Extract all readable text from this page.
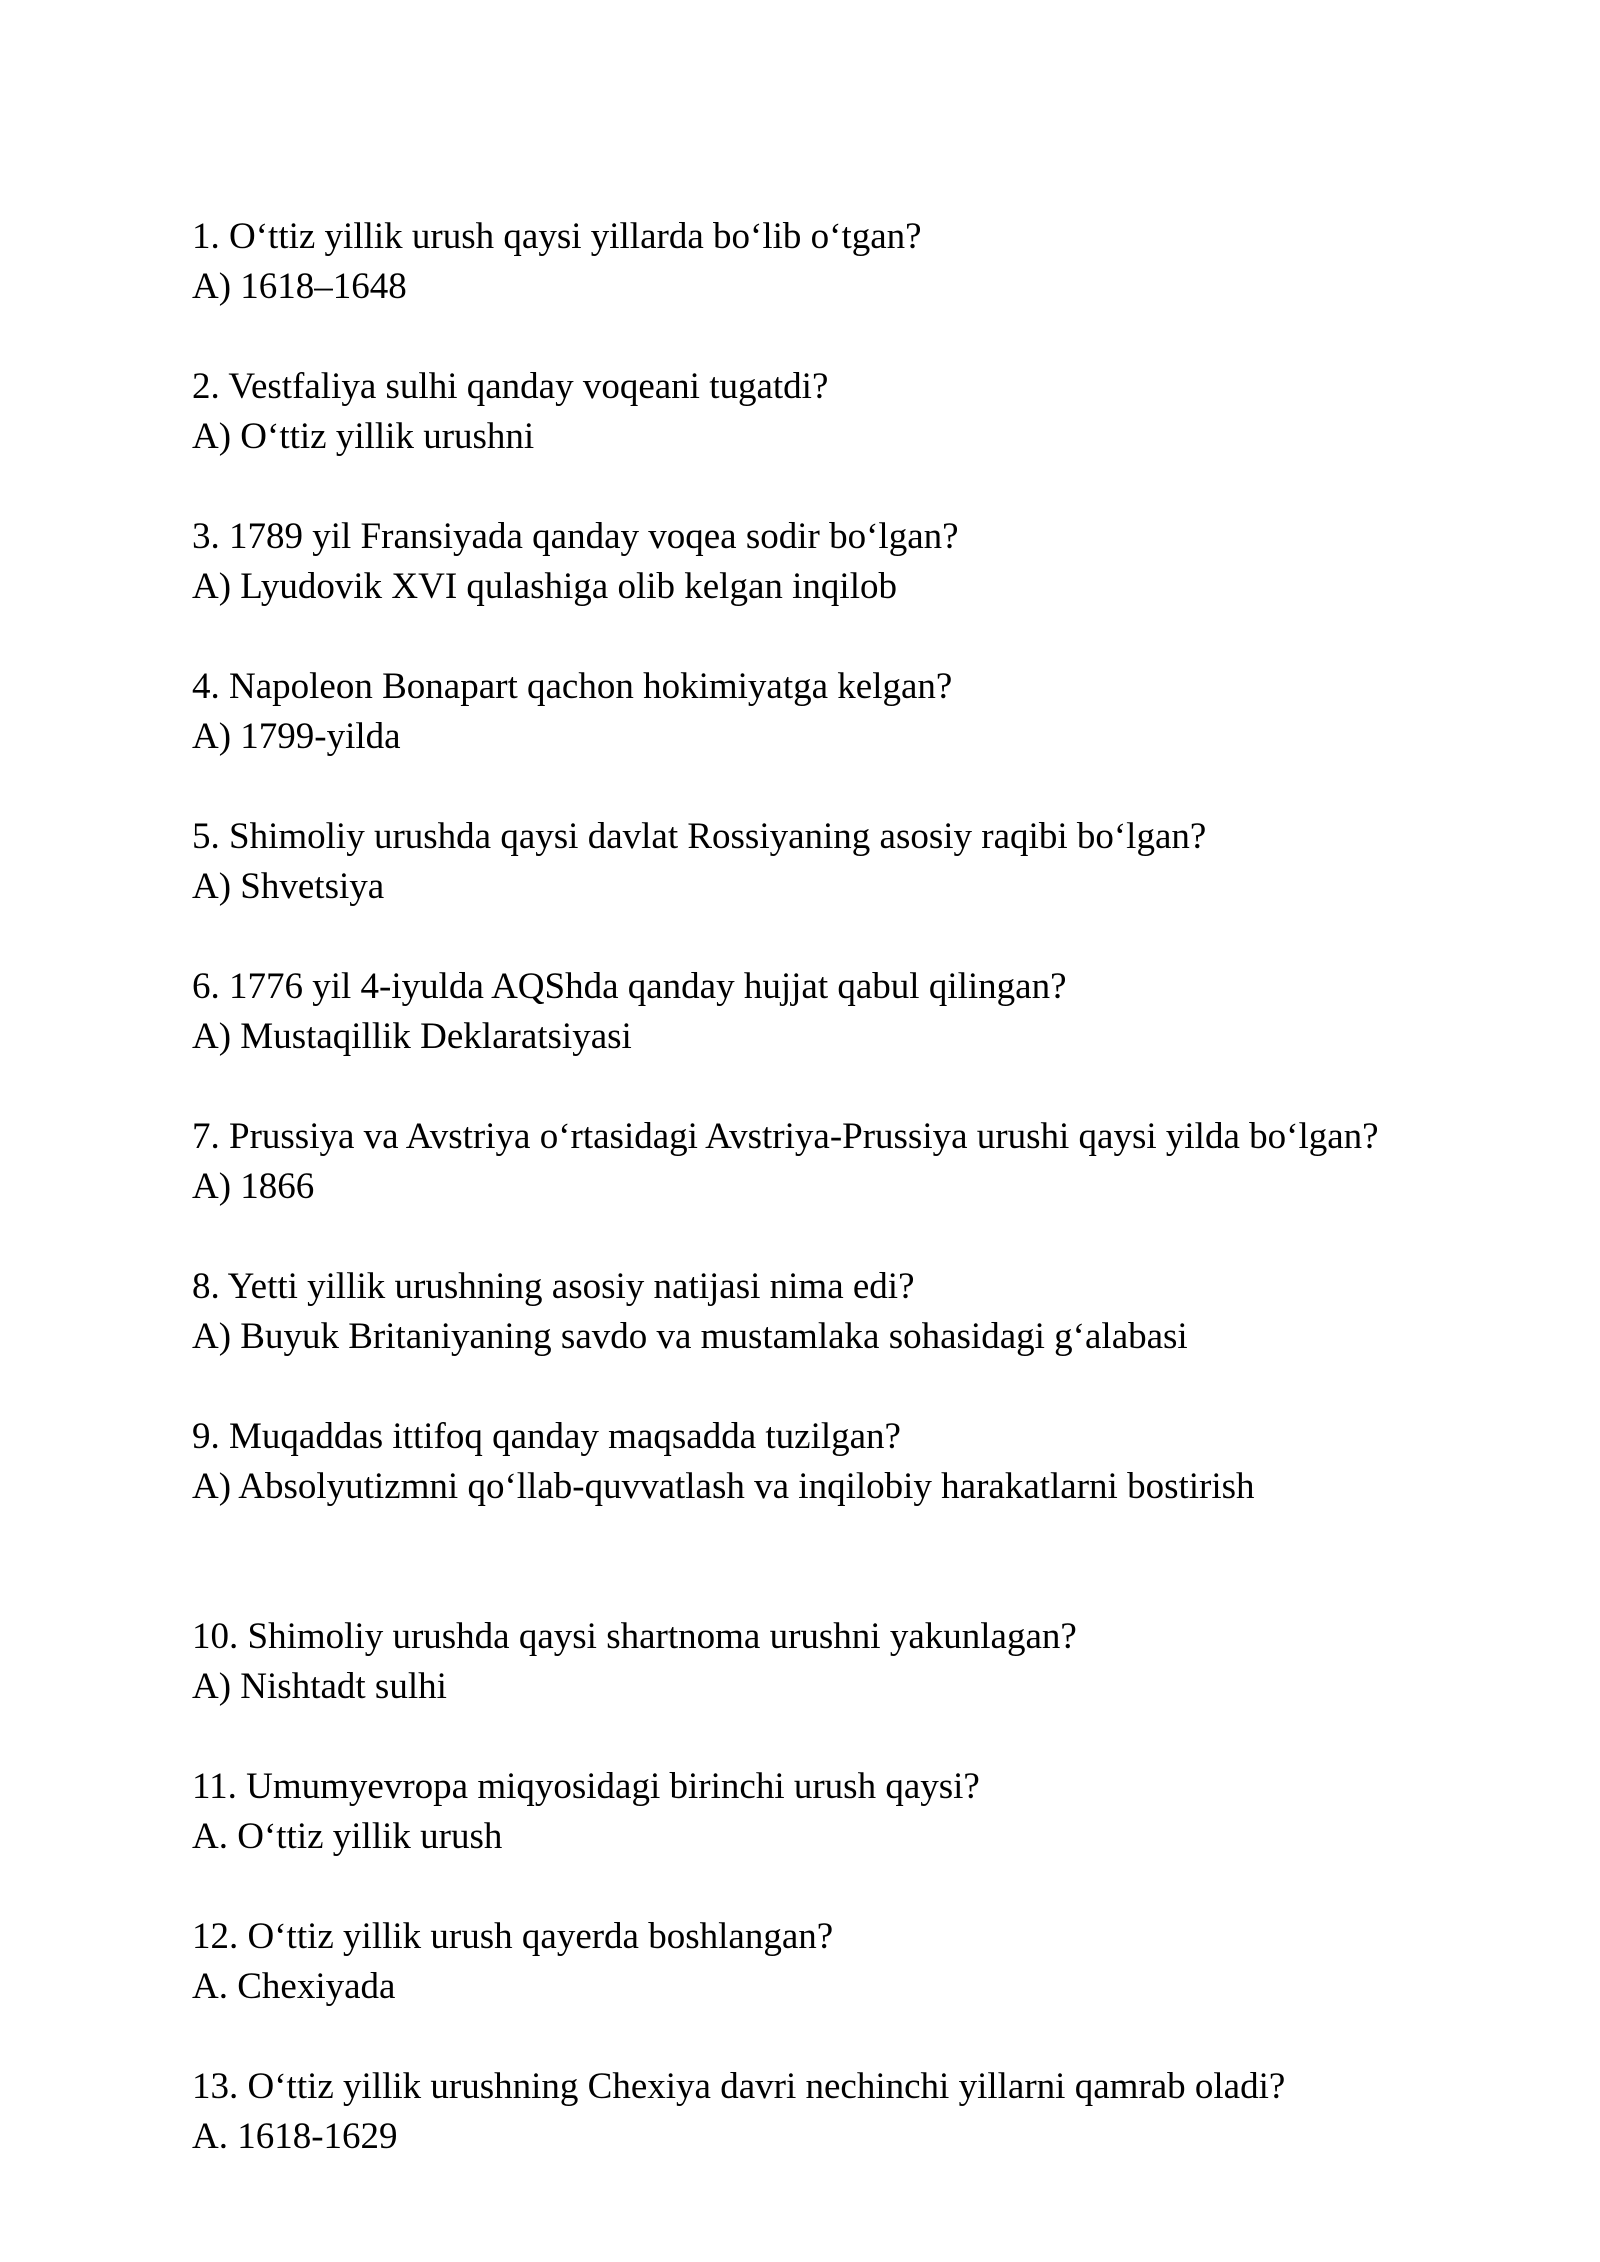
1. O‘ttiz yillik urush qaysi yillarda bo‘lib o‘tgan?
A) 1618–1648
2. Vestfaliya sulhi qanday voqeani tugatdi?
A) O‘ttiz yillik urushni
3. 1789 yil Fransiyada qanday voqea sodir bo‘lgan?
A) Lyudovik XVI qulashiga olib kelgan inqilob
4. Napoleon Bonapart qachon hokimiyatga kelgan?
A) 1799-yilda
5. Shimoliy urushda qaysi davlat Rossiyaning asosiy raqibi bo‘lgan?
A) Shvetsiya
6. 1776 yil 4-iyulda AQShda qanday hujjat qabul qilingan?
A) Mustaqillik Deklaratsiyasi
7. Prussiya va Avstriya o‘rtasidagi Avstriya-Prussiya urushi qaysi yilda bo‘lgan?
A) 1866
8. Yetti yillik urushning asosiy natijasi nima edi?
A) Buyuk Britaniyaning savdo va mustamlaka sohasidagi g‘alabasi
9. Muqaddas ittifoq qanday maqsadda tuzilgan?
A) Absolyutizmni qo‘llab-quvvatlash va inqilobiy harakatlarni bostirish
10. Shimoliy urushda qaysi shartnoma urushni yakunlagan?
A) Nishtadt sulhi
11. Umumyevropa miqyosidagi birinchi urush qaysi?
A. O‘ttiz yillik urush
12. O‘ttiz yillik urush qayerda boshlangan?
A. Chexiyada
13. O‘ttiz yillik urushning Chexiya davri nechinchi yillarni qamrab oladi?
A. 1618-1629
